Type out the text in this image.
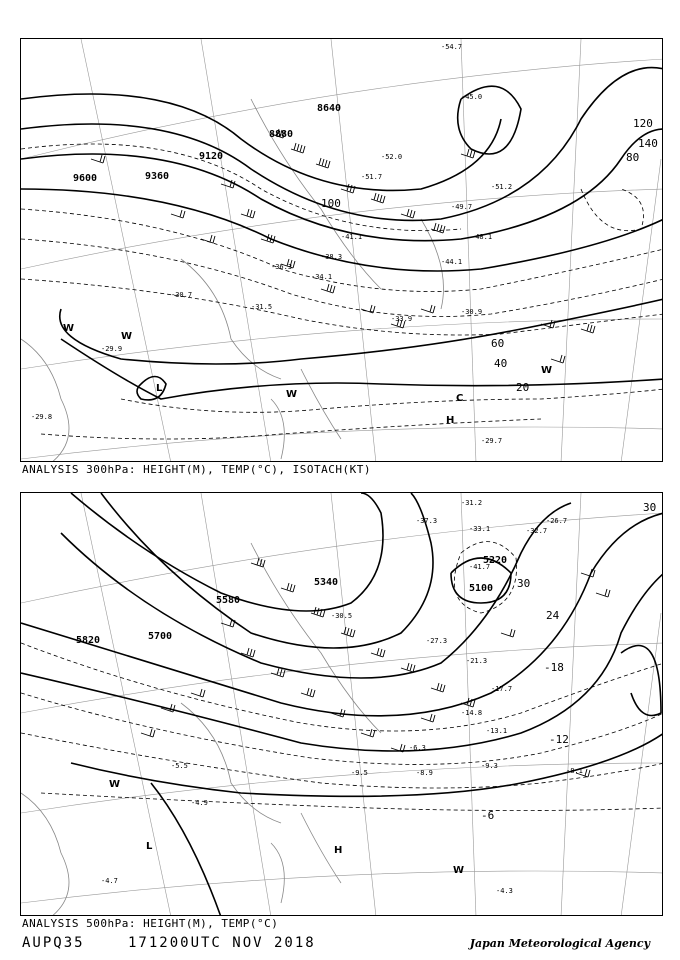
-54.7
-52.0
-51.7
-49.7
-44.1
-41.1
-38.3
-36.3
-34.1
-31.5
-30.9
-29.9
-29.7
-29.8
-30.7
-33.9
-45.0
-51.2
-48.1
9600	9360
9120
8880
8640
60
80
100
120
140
40
20
L
H
C
W
W
W
W
ANALYSIS 300hPa: HEIGHT(M), TEMP(°C), ISOTACH(KT)
-31.2
-33.1
-41.7
-37.3
-30.5
-27.3
-21.3
-17.7
-14.8
-13.1
-9.3
-8.1
-6.3
-8.9
-9.5
-4.9
-5.5
-4.3
-4.7
-26.7
-32.7
5820	5700
5580
5340
5100
5220
30
24
-18
-12
-6
30
L	H
W
W
ANALYSIS 500hPa: HEIGHT(M), TEMP(°C)
AUPQ35	171200UTC NOV 2018	Japan Meteorological Agency
